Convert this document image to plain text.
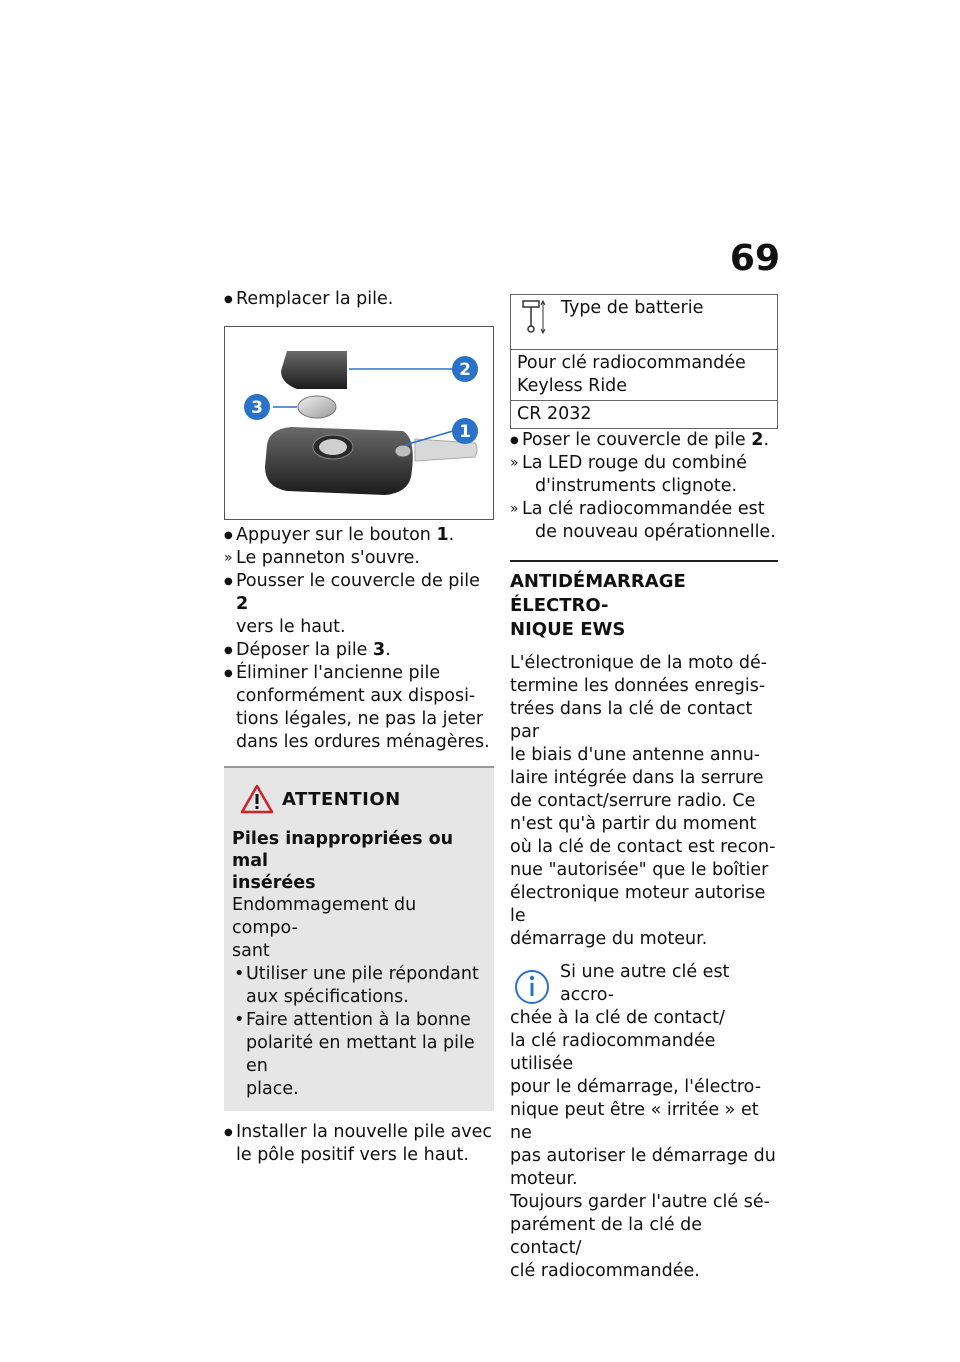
69
● Remplacer la pile.
2
3
1
● Appuyer sur le bouton 1.
» Le panneton s'ouvre.
● Pousser le couvercle de pile 2
vers le haut.
● Déposer la pile 3.
● Éliminer l'ancienne pile
conformément aux disposi-
tions légales, ne pas la jeter
dans les ordures ménagères.
ATTENTION
Piles inappropriées ou mal
insérées
Endommagement du compo-
sant
• Utiliser une pile répondant
aux spécifications.
• Faire attention à la bonne
polarité en mettant la pile en
place.
● Installer la nouvelle pile avec
le pôle positif vers le haut.
Type de batterie

Pour clé radiocommandée
Keyless Ride

CR 2032
● Poser le couvercle de pile 2.
» La LED rouge du combiné
d'instruments clignote.
» La clé radiocommandée est
de nouveau opérationnelle.
ANTIDÉMARRAGE ÉLECTRO-
NIQUE EWS
L'électronique de la moto dé-
termine les données enregis-
trées dans la clé de contact par
le biais d'une antenne annu-
laire intégrée dans la serrure
de contact/serrure radio. Ce
n'est qu'à partir du moment
où la clé de contact est recon-
nue "autorisée" que le boîtier
électronique moteur autorise le
démarrage du moteur.
Si une autre clé est accro-
chée à la clé de contact/
la clé radiocommandée utilisée
pour le démarrage, l'électro-
nique peut être « irritée » et ne
pas autoriser le démarrage du
moteur.
Toujours garder l'autre clé sé-
parément de la clé de contact/
clé radiocommandée.
